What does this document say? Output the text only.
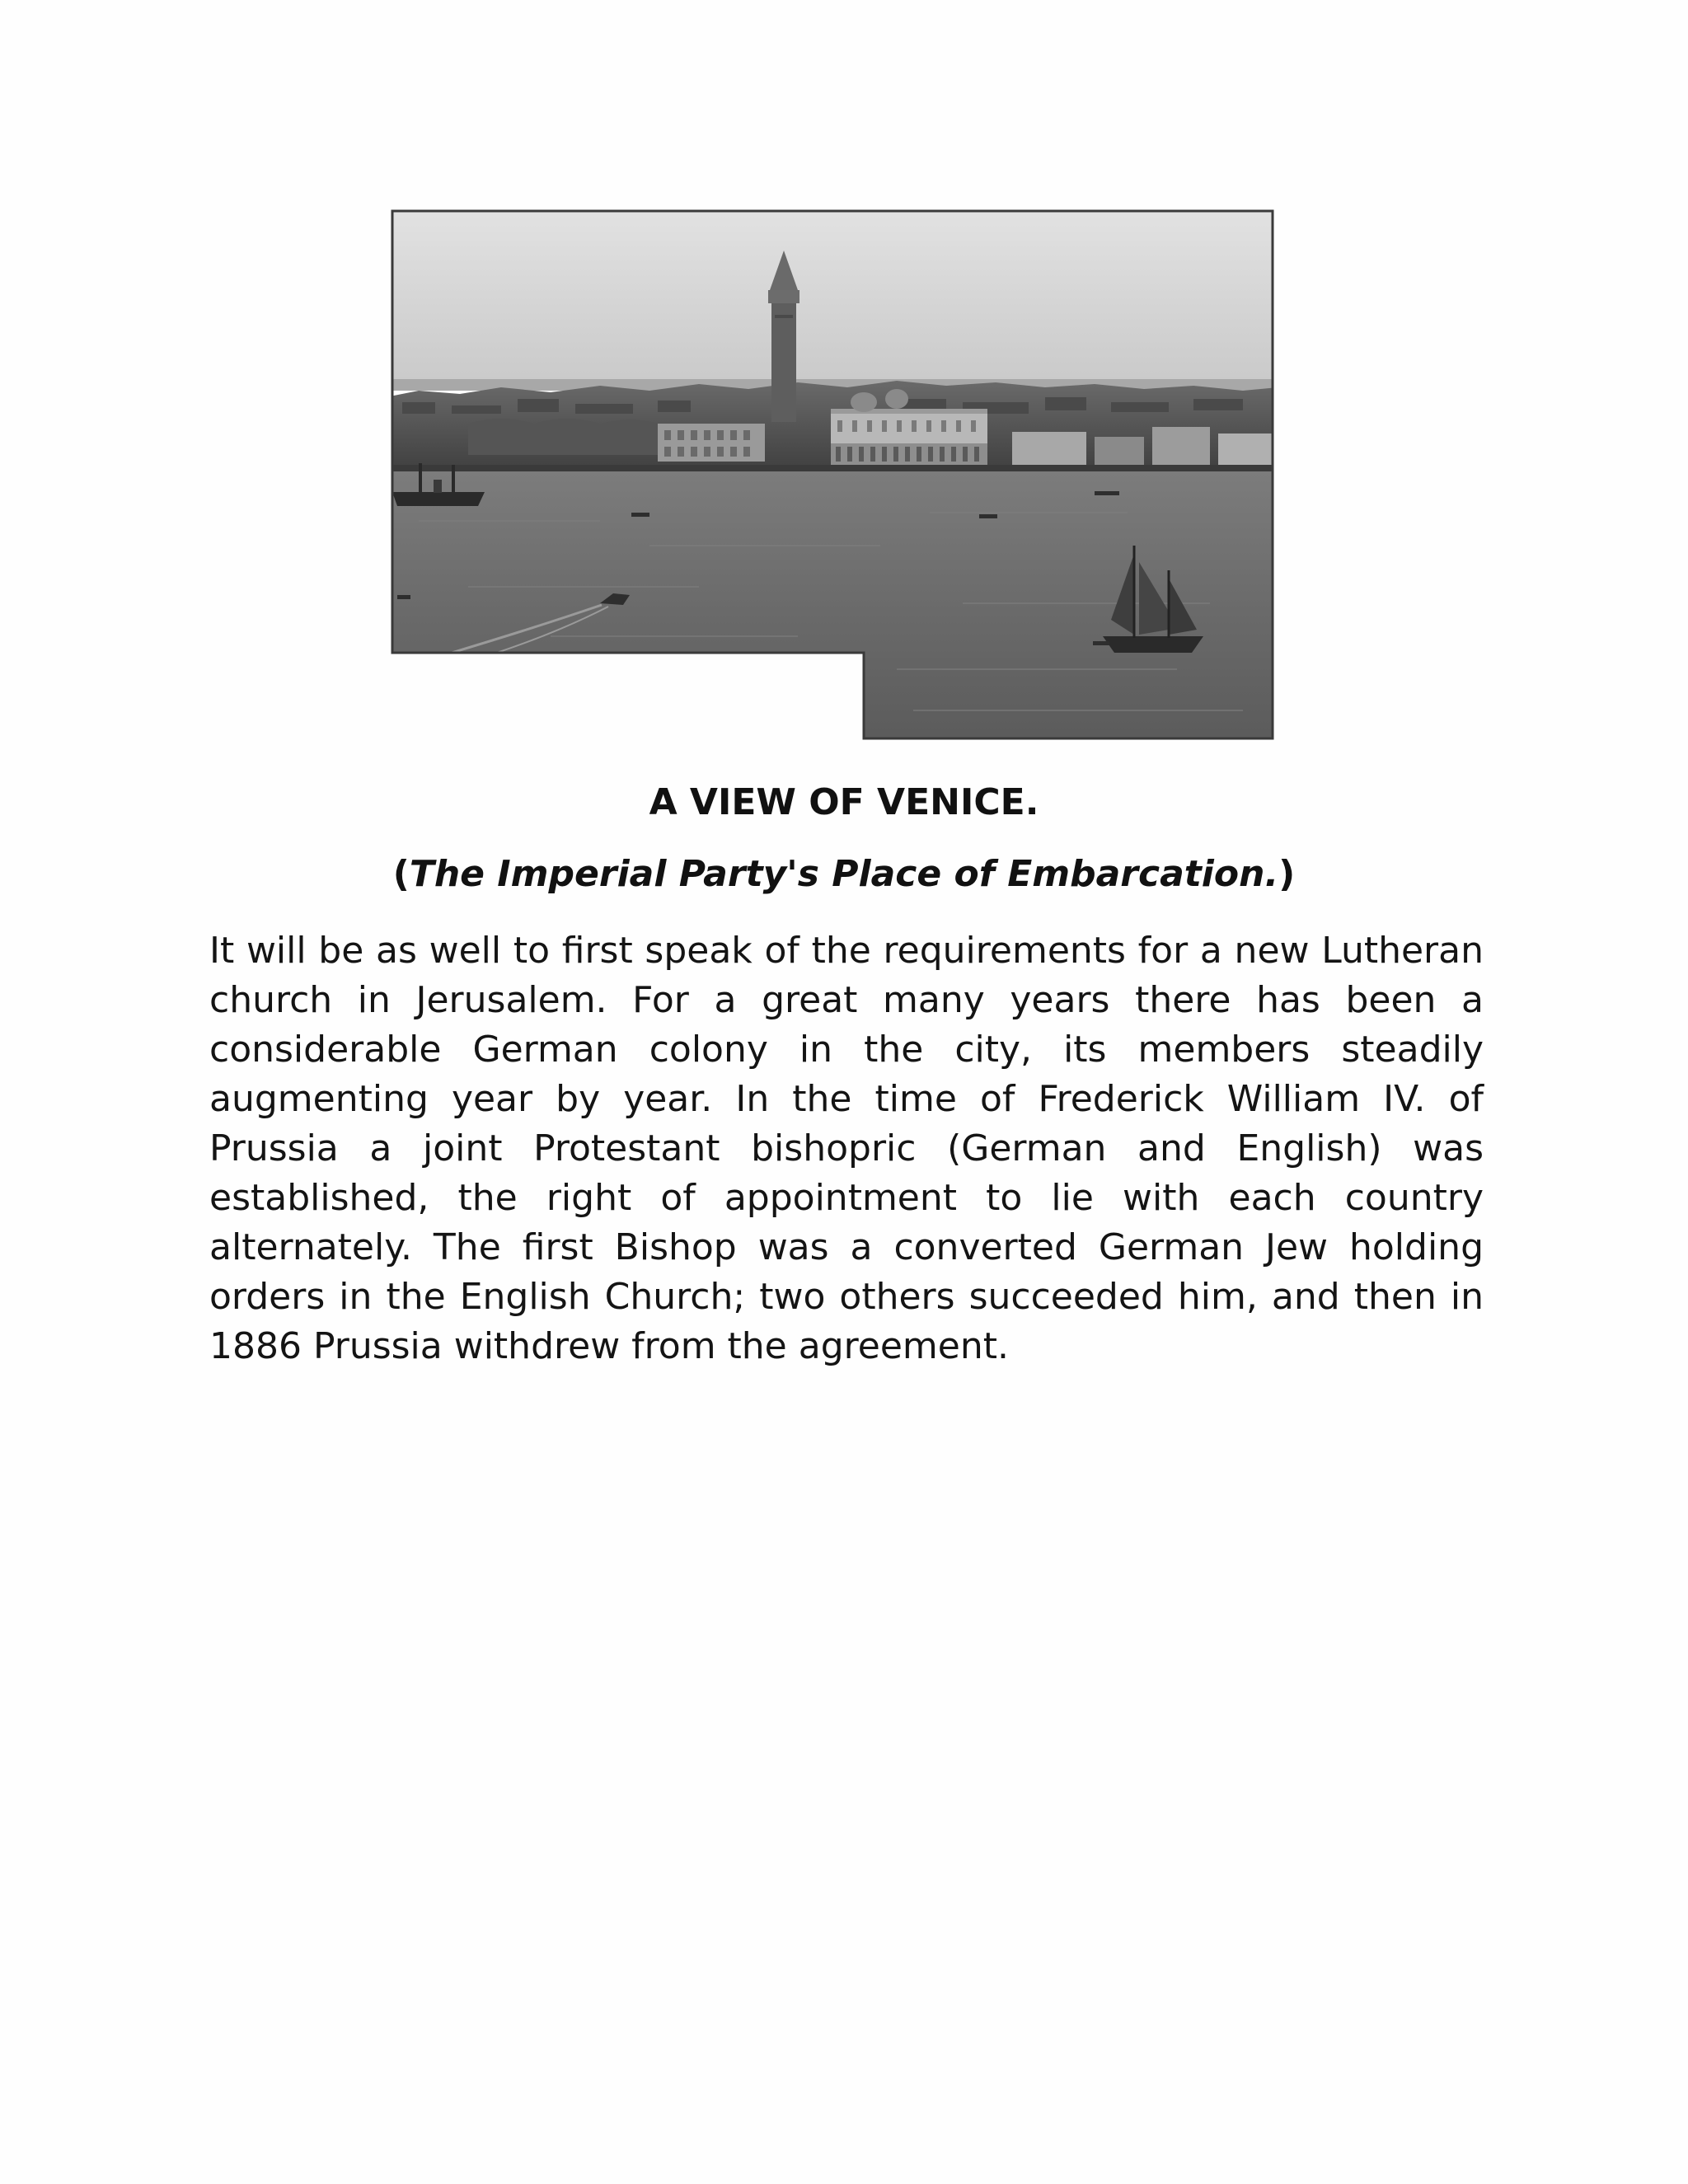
A VIEW OF VENICE.

(The Imperial Party's Place of Embarcation.)

It will be as well to first speak of the requirements for a new Lutheran church in Jerusalem. For a great many years there has been a considerable German colony in the city, its members steadily augmenting year by year. In the time of Frederick William IV. of Prussia a joint Protestant bishopric (German and English) was established, the right of appointment to lie with each country alternately. The first Bishop was a converted German Jew holding orders in the English Church; two others succeeded him, and then in 1886 Prussia withdrew from the agreement.
